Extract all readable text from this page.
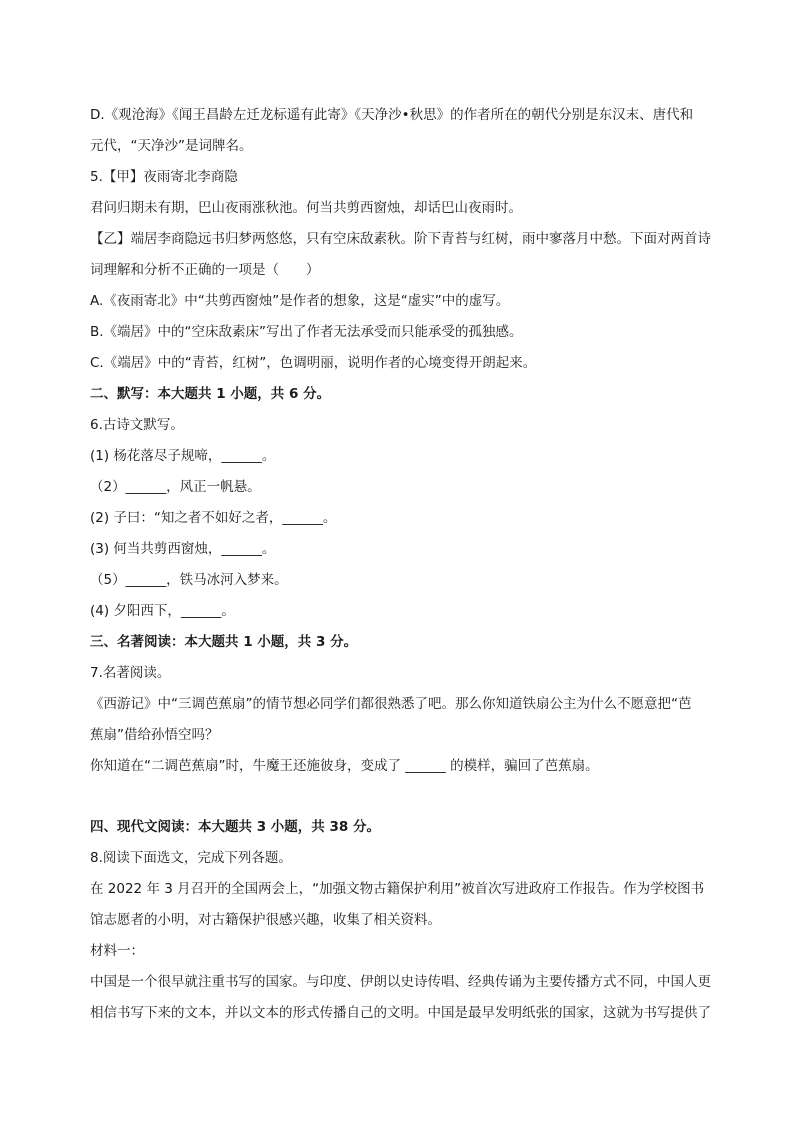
D.《观沧海》《闻王昌龄左迁龙标遥有此寄》《天净沙•秋思》的作者所在的朝代分别是东汉末、唐代和
元代，“天净沙”是词牌名。
5.【甲】夜雨寄北李商隐
君问归期未有期，巴山夜雨涨秋池。何当共剪西窗烛，却话巴山夜雨时。
【乙】端居李商隐远书归梦两悠悠，只有空床敌素秋。阶下青苔与红树，雨中寥落月中愁。下面对两首诗
词理解和分析不正确的一项是（　　）
A.《夜雨寄北》中“共剪西窗烛”是作者的想象，这是“虚实”中的虚写。
B.《端居》中的“空床敌素床”写出了作者无法承受而只能承受的孤独感。
C.《端居》中的“青苔，红树”，色调明丽，说明作者的心境变得开朗起来。
二、默写：本大题共 1 小题，共 6 分。
6.古诗文默写。
(1) 杨花落尽子规啼，______。
（2）______，风正一帆悬。
(2) 子曰：“知之者不如好之者，______。
(3) 何当共剪西窗烛，______。
（5）______，铁马冰河入梦来。
(4) 夕阳西下，______。
三、名著阅读：本大题共 1 小题，共 3 分。
7.名著阅读。
《西游记》中“三调芭蕉扇”的情节想必同学们都很熟悉了吧。那么你知道铁扇公主为什么不愿意把“芭
蕉扇”借给孙悟空吗？
你知道在“二调芭蕉扇”时，牛魔王还施彼身，变成了 ______ 的模样，骗回了芭蕉扇。
四、现代文阅读：本大题共 3 小题，共 38 分。
8.阅读下面选文，完成下列各题。
在 2022 年 3 月召开的全国两会上，“加强文物古籍保护利用”被首次写进政府工作报告。作为学校图书
馆志愿者的小明，对古籍保护很感兴趣，收集了相关资料。
材料一：
中国是一个很早就注重书写的国家。与印度、伊朗以史诗传唱、经典传诵为主要传播方式不同，中国人更
相信书写下来的文本，并以文本的形式传播自己的文明。中国是最早发明纸张的国家，这就为书写提供了
